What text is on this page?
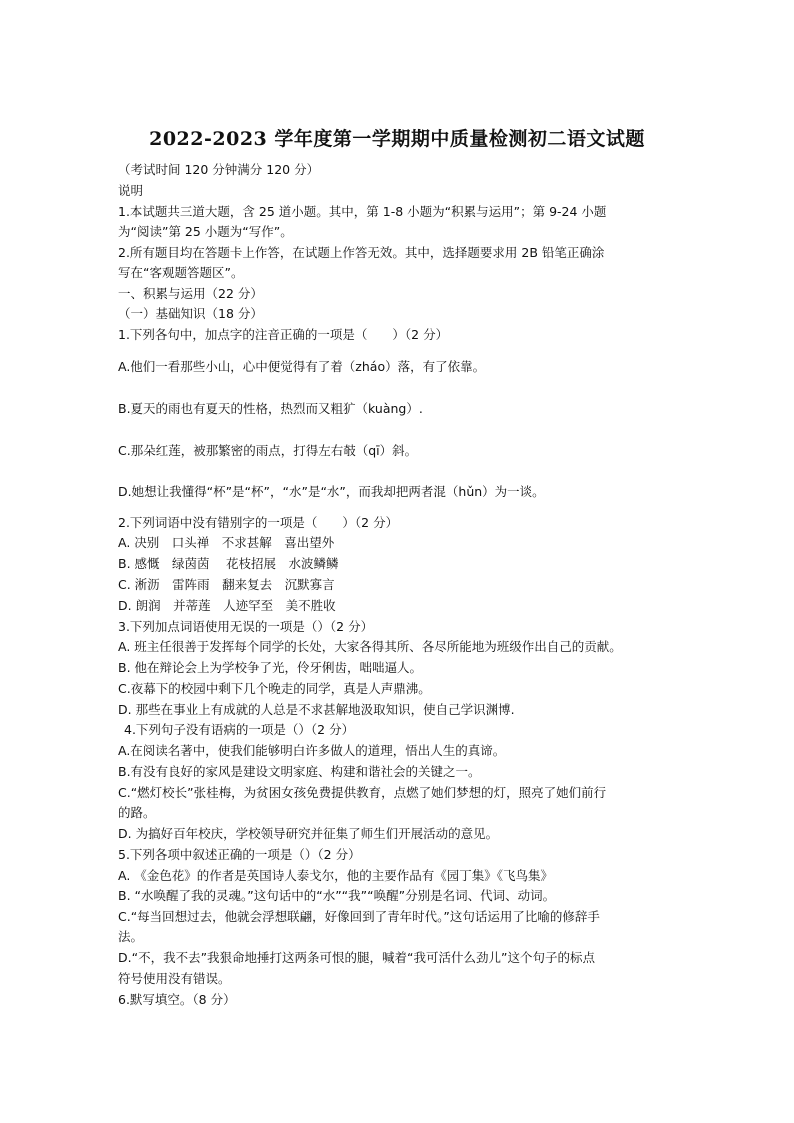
2022-2023 学年度第一学期期中质量检测初二语文试题
（考试时间 120 分钟满分 120 分）
说明
1.本试题共三道大题，含 25 道小题。其中，第 1-8 小题为“积累与运用”；第 9-24 小题
为“阅读”第 25 小题为“写作”。
2.所有题目均在答题卡上作答，在试题上作答无效。其中，选择题要求用 2B 铅笔正确涂
写在“客观题答题区”。
一、积累与运用（22 分）
（一）基础知识（18 分）
1.下列各句中，加点字的注音正确的一项是（　　）（2 分）
A.他们一看那些小山，心中便觉得有了着（zháo）落，有了依靠。
B.夏天的雨也有夏天的性格，热烈而又粗犷（kuàng）.
C.那朵红莲，被那繁密的雨点，打得左右攲（qī）斜。
D.她想让我懂得“杯”是“杯”，“水”是“水”，而我却把两者混（hǔn）为一谈。
2.下列词语中没有错别字的一项是（　　）（2 分）
A. 决别　口头禅　不求甚解　喜出望外
B. 感慨　绿茵茵　 花枝招展　水波鳞鳞
C. 淅沥　雷阵雨　翻来复去　沉默寡言
D. 朗润　并蒂莲　人迹罕至　美不胜收
3.下列加点词语使用无误的一项是（）（2 分）
A. 班主任很善于发挥每个同学的长处，大家各得其所、各尽所能地为班级作出自己的贡献。
B. 他在辩论会上为学校争了光，伶牙俐齿，咄咄逼人。
C.夜幕下的校园中剩下几个晚走的同学，真是人声鼎沸。
D. 那些在事业上有成就的人总是不求甚解地汲取知识，使自己学识渊博.
4.下列句子没有语病的一项是（）（2 分）
A.在阅读名著中，使我们能够明白许多做人的道理，悟出人生的真谛。
B.有没有良好的家风是建设文明家庭、构建和谐社会的关键之一。
C.“燃灯校长”张桂梅，为贫困女孩免费提供教育，点燃了她们梦想的灯，照亮了她们前行
的路。
D. 为搞好百年校庆，学校领导研究并征集了师生们开展活动的意见。
5.下列各项中叙述正确的一项是（）（2 分）
A. 《金色花》的作者是英国诗人泰戈尔，他的主要作品有《园丁集》《飞鸟集》
B. “水唤醒了我的灵魂。”这句话中的“水”“我”“唤醒”分别是名词、代词、动词。
C.“每当回想过去，他就会浮想联翩，好像回到了青年时代。”这句话运用了比喻的修辞手
法。
D.“不，我不去”我狠命地捶打这两条可恨的腿，喊着“我可活什么劲儿”这个句子的标点
符号使用没有错误。
6.默写填空。（8 分）
